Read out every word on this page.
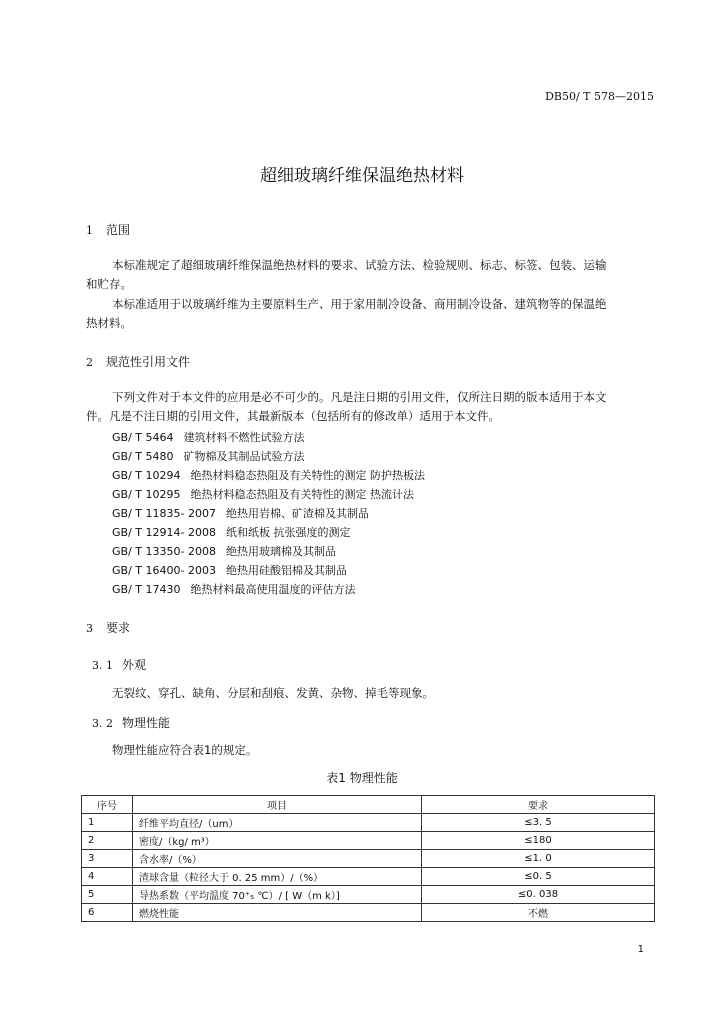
DB50/ T 578—2015
超细玻璃纤维保温绝热材料
1 范围
本标准规定了超细玻璃纤维保温绝热材料的要求、试验方法、检验规则、标志、标签、包装、运输
和贮存。
本标准适用于以玻璃纤维为主要原料生产、用于家用制冷设备、商用制冷设备、建筑物等的保温绝
热材料。
2 规范性引用文件
下列文件对于本文件的应用是必不可少的。凡是注日期的引用文件，仅所注日期的版本适用于本文
件。凡是不注日期的引用文件，其最新版本（包括所有的修改单）适用于本文件。
GB/ T 5464 建筑材料不燃性试验方法
GB/ T 5480 矿物棉及其制品试验方法
GB/ T 10294 绝热材料稳态热阻及有关特性的测定 防护热板法
GB/ T 10295 绝热材料稳态热阻及有关特性的测定 热流计法
GB/ T 11835- 2007 绝热用岩棉、矿渣棉及其制品
GB/ T 12914- 2008 纸和纸板 抗张强度的测定
GB/ T 13350- 2008 绝热用玻璃棉及其制品
GB/ T 16400- 2003 绝热用硅酸铝棉及其制品
GB/ T 17430 绝热材料最高使用温度的评估方法
3 要求
3. 1 外观
无裂纹、穿孔、缺角、分层和刮痕、发黄、杂物、掉毛等现象。
3. 2 物理性能
物理性能应符合表1的规定。
表1 物理性能
序号	项目	要求
1	纤维平均直径/（um）	≤3. 5
2	密度/（kg/ m³）	≤180
3	含水率/（%）	≤1. 0
4	渣球含量（粒径大于 0. 25 mm）/（%）	≤0. 5
5	导热系数（平均温度 70⁺₅ ℃）/ [ W（m k）]	≤0. 038
6	燃烧性能	不燃
1
